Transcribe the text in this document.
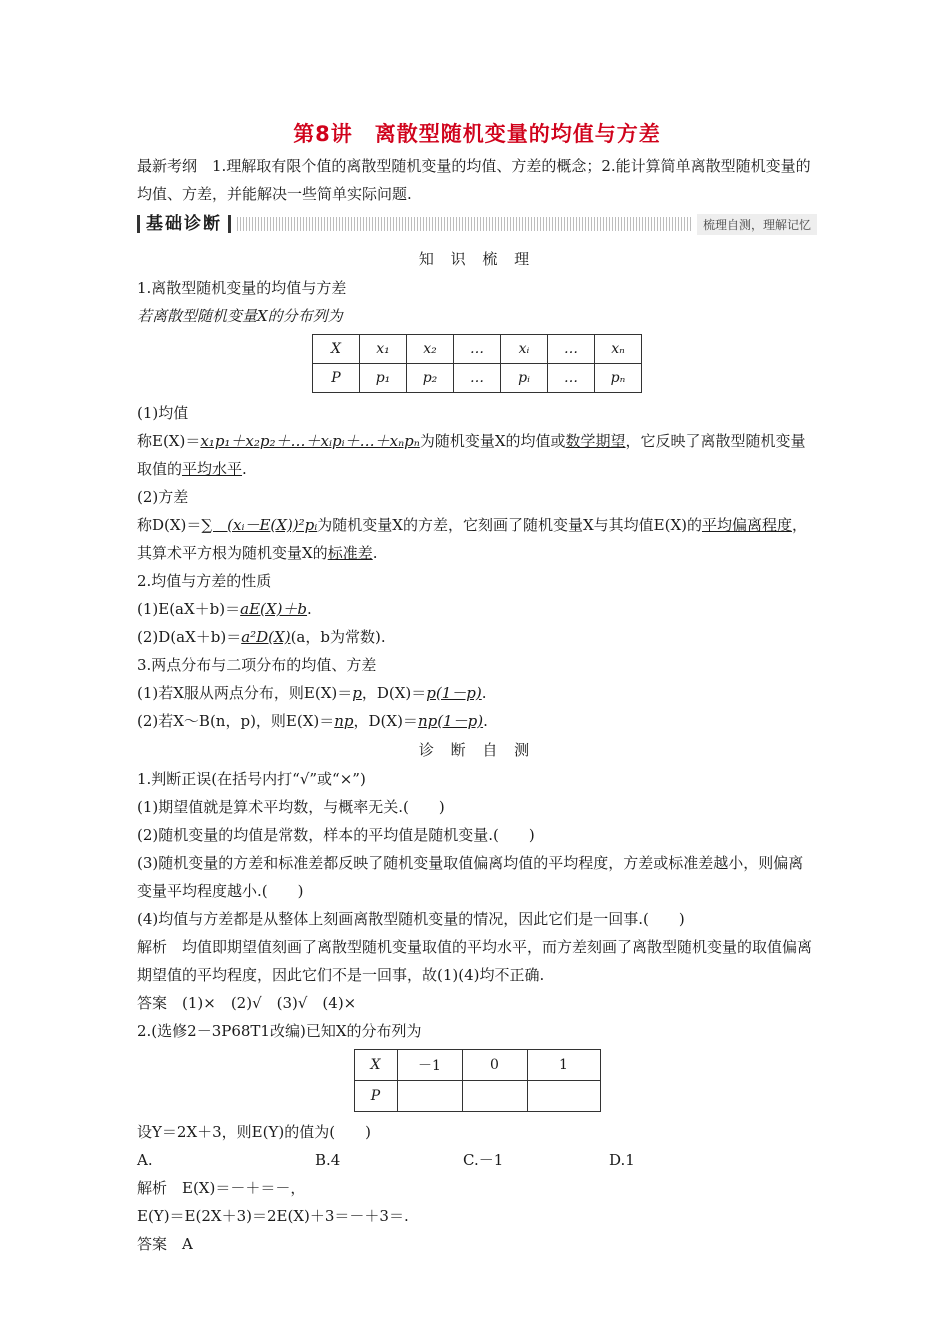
第8讲　离散型随机变量的均值与方差

最新考纲　1.理解取有限个值的离散型随机变量的均值、方差的概念；2.能计算简单离散型随机变量的均值、方差，并能解决一些简单实际问题.

基础诊断	梳理自测，理解记忆

知 识 梳 理

1.离散型随机变量的均值与方差

若离散型随机变量X的分布列为

X	x₁	x₂	…	xᵢ	…	xₙ
P	p₁	p₂	…	pᵢ	…	pₙ

(1)均值

称E(X)＝x₁p₁＋x₂p₂＋…＋xᵢpᵢ＋…＋xₙpₙ为随机变量X的均值或数学期望，它反映了离散型随机变量取值的平均水平.

(2)方差

称D(X)＝∑　(xᵢ－E(X))²pᵢ为随机变量X的方差，它刻画了随机变量X与其均值E(X)的平均偏离程度，其算术平方根为随机变量X的标准差.

2.均值与方差的性质

(1)E(aX＋b)＝aE(X)＋b.

(2)D(aX＋b)＝a²D(X)(a，b为常数).

3.两点分布与二项分布的均值、方差

(1)若X服从两点分布，则E(X)＝p，D(X)＝p(1－p).

(2)若X～B(n，p)，则E(X)＝np，D(X)＝np(1－p).

诊 断 自 测

1.判断正误(在括号内打“√”或“×”)

(1)期望值就是算术平均数，与概率无关.(　　)

(2)随机变量的均值是常数，样本的平均值是随机变量.(　　)

(3)随机变量的方差和标准差都反映了随机变量取值偏离均值的平均程度，方差或标准差越小，则偏离变量平均程度越小.(　　)

(4)均值与方差都是从整体上刻画离散型随机变量的情况，因此它们是一回事.(　　)

解析　均值即期望值刻画了离散型随机变量取值的平均水平，而方差刻画了离散型随机变量的取值偏离期望值的平均程度，因此它们不是一回事，故(1)(4)均不正确.

答案　(1)×　(2)√　(3)√　(4)×

2.(选修2－3P68T1改编)已知X的分布列为

X	－1	0	1
P			

设Y＝2X＋3，则E(Y)的值为(　　)

A.	B.4	C.－1	D.1

解析　E(X)＝－＋＝－，

E(Y)＝E(2X＋3)＝2E(X)＋3＝－＋3＝.

答案　A
